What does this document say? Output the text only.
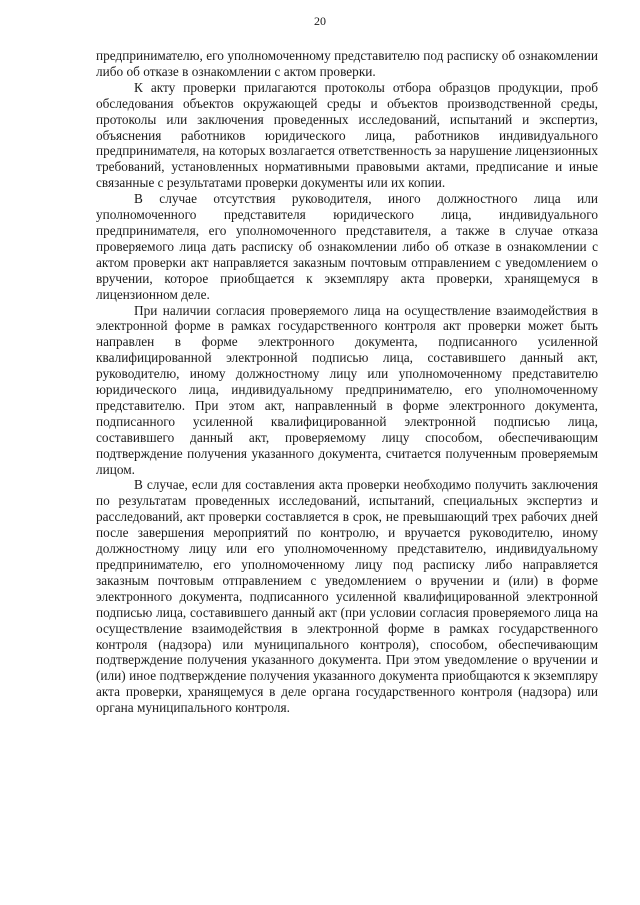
20

предпринимателю, его уполномоченному представителю под расписку об ознакомлении либо об отказе в ознакомлении с актом проверки.

К акту проверки прилагаются протоколы отбора образцов продукции, проб обследования объектов окружающей среды и объектов производственной среды, протоколы или заключения проведенных исследований, испытаний и экспертиз, объяснения работников юридического лица, работников индивидуального предпринимателя, на которых возлагается ответственность за нарушение лицензионных требований, установленных нормативными правовыми актами, предписание и иные связанные с результатами проверки документы или их копии.

В случае отсутствия руководителя, иного должностного лица или уполномоченного представителя юридического лица, индивидуального предпринимателя, его уполномоченного представителя, а также в случае отказа проверяемого лица дать расписку об ознакомлении либо об отказе в ознакомлении с актом проверки акт направляется заказным почтовым отправлением с уведомлением о вручении, которое приобщается к экземпляру акта проверки, хранящемуся в лицензионном деле.

При наличии согласия проверяемого лица на осуществление взаимодействия в электронной форме в рамках государственного контроля акт проверки может быть направлен в форме электронного документа, подписанного усиленной квалифицированной электронной подписью лица, составившего данный акт, руководителю, иному должностному лицу или уполномоченному представителю юридического лица, индивидуальному предпринимателю, его уполномоченному представителю. При этом акт, направленный в форме электронного документа, подписанного усиленной квалифицированной электронной подписью лица, составившего данный акт, проверяемому лицу способом, обеспечивающим подтверждение получения указанного документа, считается полученным проверяемым лицом.

В случае, если для составления акта проверки необходимо получить заключения по результатам проведенных исследований, испытаний, специальных экспертиз и расследований, акт проверки составляется в срок, не превышающий трех рабочих дней после завершения мероприятий по контролю, и вручается руководителю, иному должностному лицу или его уполномоченному представителю, индивидуальному предпринимателю, его уполномоченному лицу под расписку либо направляется заказным почтовым отправлением с уведомлением о вручении и (или) в форме электронного документа, подписанного усиленной квалифицированной электронной подписью лица, составившего данный акт (при условии согласия проверяемого лица на осуществление взаимодействия в электронной форме в рамках государственного контроля (надзора) или муниципального контроля), способом, обеспечивающим подтверждение получения указанного документа. При этом уведомление о вручении и (или) иное подтверждение получения указанного документа приобщаются к экземпляру акта проверки, хранящемуся в деле органа государственного контроля (надзора) или органа муниципального контроля.
